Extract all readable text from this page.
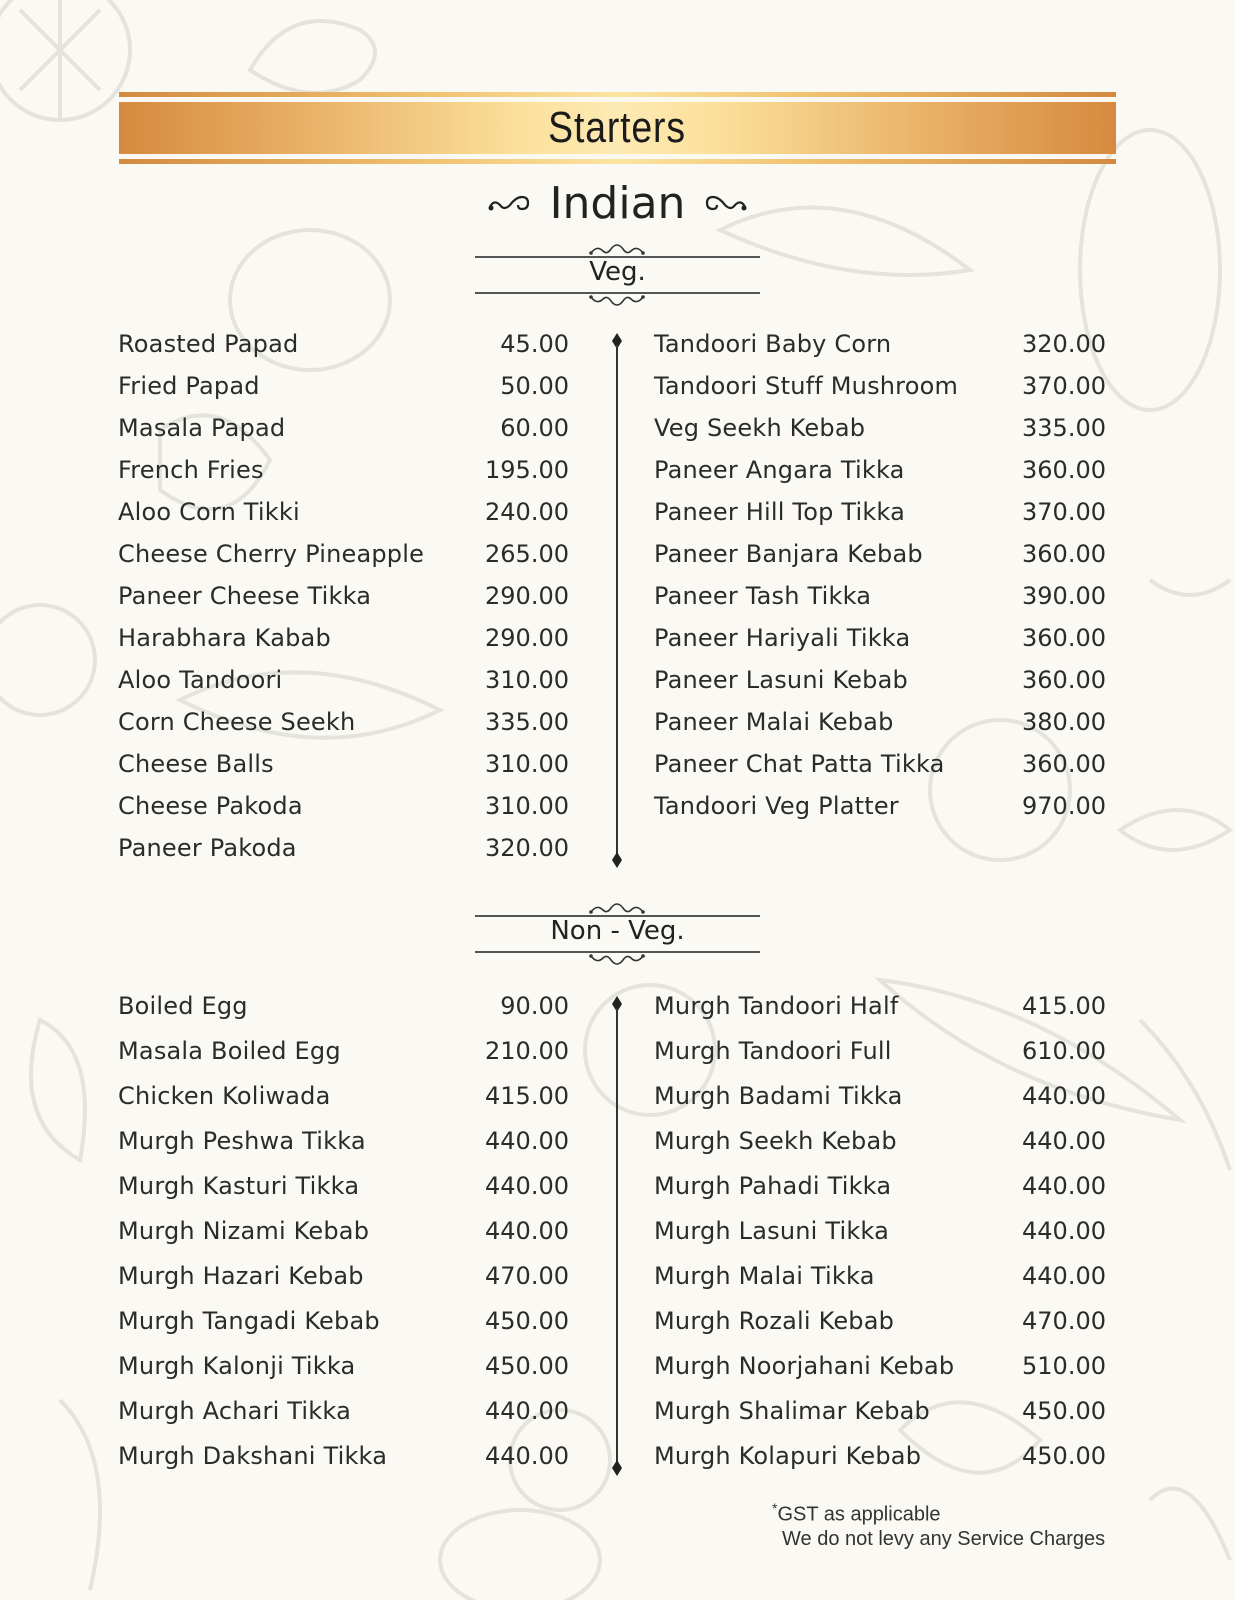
Starters
Indian
Veg.
Roasted Papad	45.00
Fried Papad	50.00
Masala Papad	60.00
French Fries	195.00
Aloo Corn Tikki	240.00
Cheese Cherry Pineapple	265.00
Paneer Cheese Tikka	290.00
Harabhara Kabab	290.00
Aloo Tandoori	310.00
Corn Cheese Seekh	335.00
Cheese Balls	310.00
Cheese Pakoda	310.00
Paneer Pakoda	320.00
Tandoori Baby Corn	320.00
Tandoori Stuff Mushroom	370.00
Veg Seekh Kebab	335.00
Paneer Angara Tikka	360.00
Paneer Hill Top Tikka	370.00
Paneer Banjara Kebab	360.00
Paneer Tash Tikka	390.00
Paneer Hariyali Tikka	360.00
Paneer Lasuni Kebab	360.00
Paneer Malai Kebab	380.00
Paneer Chat Patta Tikka	360.00
Tandoori Veg Platter	970.00
Non - Veg.
Boiled Egg	90.00
Masala Boiled Egg	210.00
Chicken Koliwada	415.00
Murgh Peshwa Tikka	440.00
Murgh Kasturi Tikka	440.00
Murgh Nizami Kebab	440.00
Murgh Hazari Kebab	470.00
Murgh Tangadi Kebab	450.00
Murgh Kalonji Tikka	450.00
Murgh Achari Tikka	440.00
Murgh Dakshani Tikka	440.00
Murgh Tandoori Half	415.00
Murgh Tandoori Full	610.00
Murgh Badami Tikka	440.00
Murgh Seekh Kebab	440.00
Murgh Pahadi Tikka	440.00
Murgh Lasuni Tikka	440.00
Murgh Malai Tikka	440.00
Murgh Rozali Kebab	470.00
Murgh Noorjahani Kebab	510.00
Murgh Shalimar Kebab	450.00
Murgh Kolapuri Kebab	450.00
*GST as applicable
We do not levy any Service Charges
